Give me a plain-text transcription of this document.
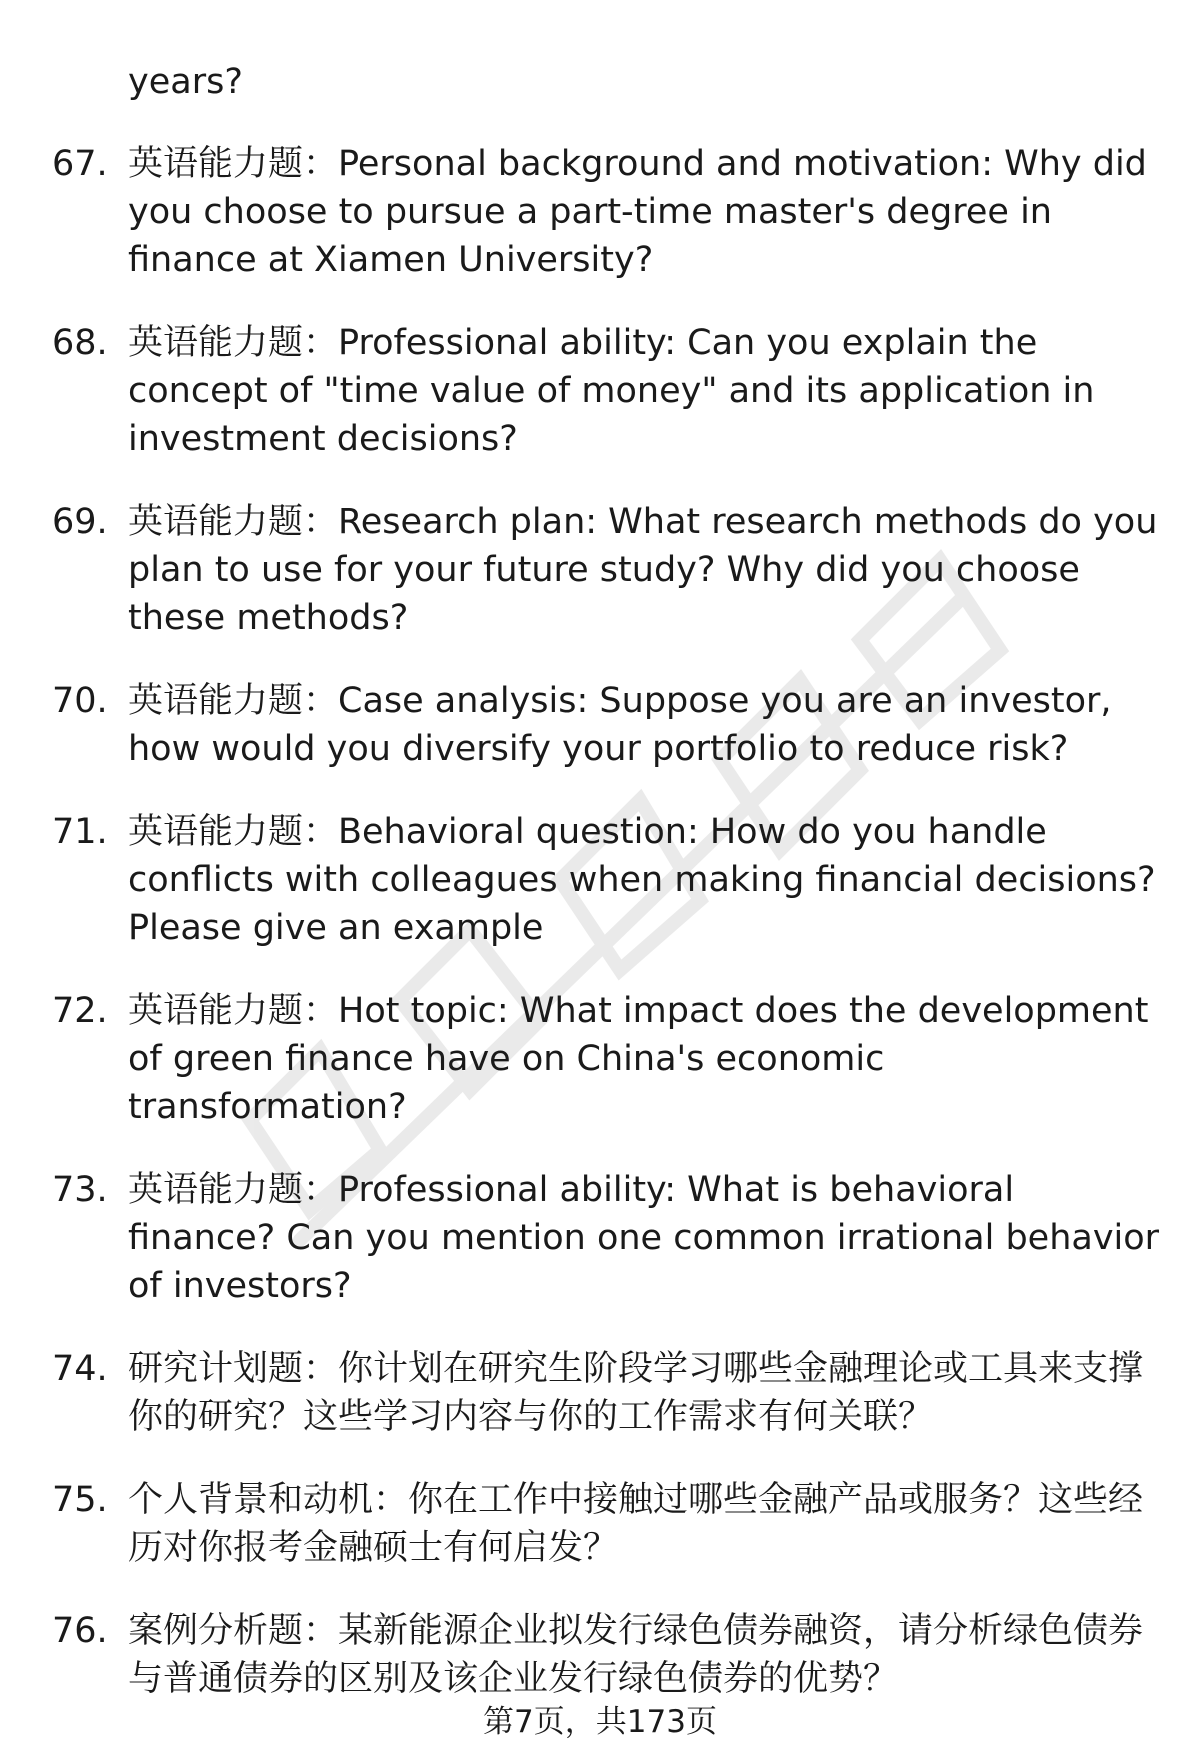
years?
67. 英语能力题：Personal background and motivation: Why did you choose to pursue a part-time master's degree in finance at Xiamen University?
68. 英语能力题：Professional ability: Can you explain the concept of "time value of money" and its application in investment decisions?
69. 英语能力题：Research plan: What research methods do you plan to use for your future study? Why did you choose these methods?
70. 英语能力题：Case analysis: Suppose you are an investor, how would you diversify your portfolio to reduce risk?
71. 英语能力题：Behavioral question: How do you handle conflicts with colleagues when making financial decisions? Please give an example
72. 英语能力题：Hot topic: What impact does the development of green finance have on China's economic transformation?
73. 英语能力题：Professional ability: What is behavioral finance? Can you mention one common irrational behavior of investors?
74. 研究计划题：你计划在研究生阶段学习哪些金融理论或工具来支撑你的研究？这些学习内容与你的工作需求有何关联？
75. 个人背景和动机：你在工作中接触过哪些金融产品或服务？这些经历对你报考金融硕士有何启发？
76. 案例分析题：某新能源企业拟发行绿色债券融资，请分析绿色债券与普通债券的区别及该企业发行绿色债券的优势？
第7页，共173页
